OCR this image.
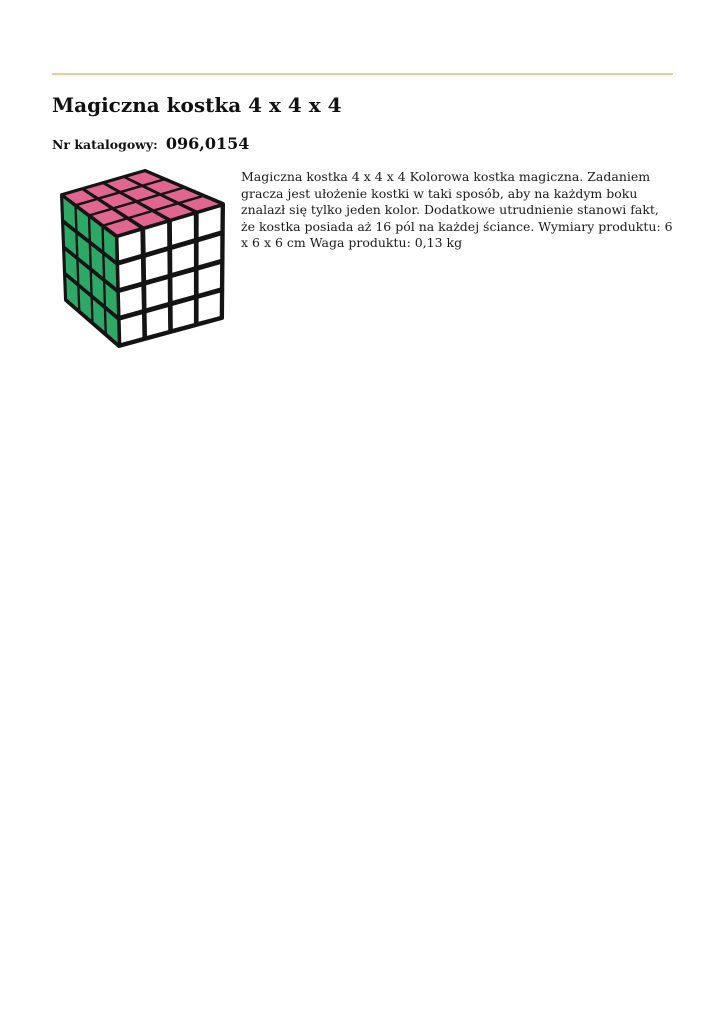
Magiczna kostka 4 x 4 x 4
Nr katalogowy: 096,0154

Magiczna kostka 4 x 4 x 4 Kolorowa kostka magiczna. Zadaniem gracza jest ułożenie kostki w taki sposób, aby na każdym boku znalazł się tylko jeden kolor. Dodatkowe utrudnienie stanowi fakt, że kostka posiada aż 16 pól na każdej ściance. Wymiary produktu: 6 x 6 x 6 cm Waga produktu: 0,13 kg
